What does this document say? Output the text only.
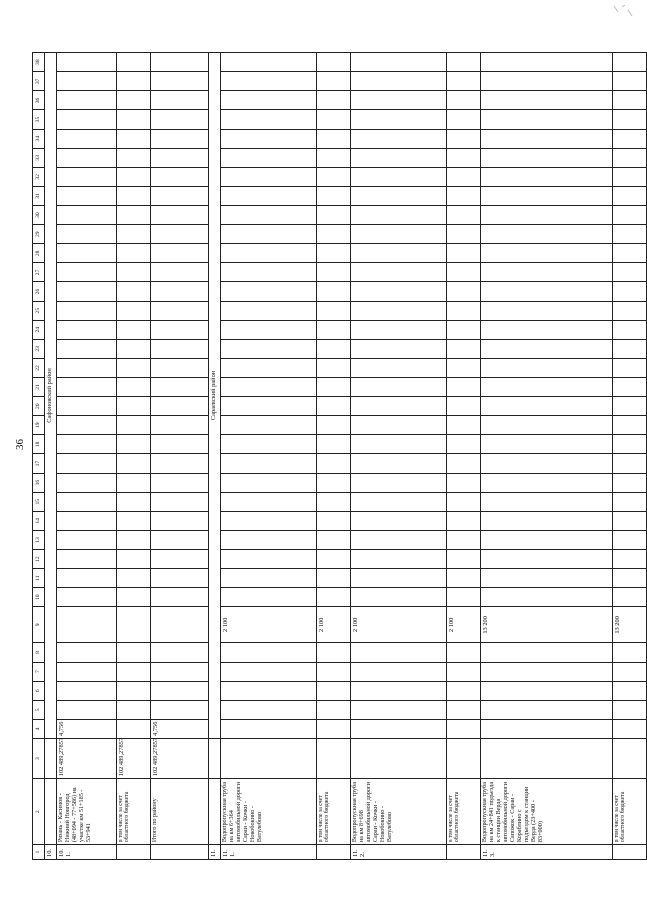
36
1	2	3	4	5	6	7	8	9	10	11	12	13	14	15	16	17	18	19	20	21	22	23	24	25	26	27	28	29	30	31	32	33	34	35	36	37	38
10.			Сафоновский район																																		
10.1.	Рязань - Касимов - Нижний Новгород (48+094 - 77+586) на участке км 51+185 - 53+941	102 489,27857	4,756																																		
	в том числе за счет областного бюджета	102 489,27857																																			
	Итого по району	102 489,27857	4,756																																		
11.			Сараевский район																																		
11.1.	Водопропускная труба на км 6+364 автомобильной дороги Сараи - Кочки - Новобокино - Ватулебово							2 100																													
	в том числе за счет областного бюджета							2 100																													
11.2.	Водопропускная труба на км 8+698 автомобильной дороги Сараи - Кочки - Новобокино - Ватулебово							2 100																													
	в том числе за счет областного бюджета							2 100																													
11.3.	Водопропускная труба на км 24+841 подъезда к станции Верда автомобильной дороги Сапожок - Сараи - Кораблино с подъездом к станции Верда (23+400 - 83+000)							13 200																													
	в том числе за счет областного бюджета							13 200																													
